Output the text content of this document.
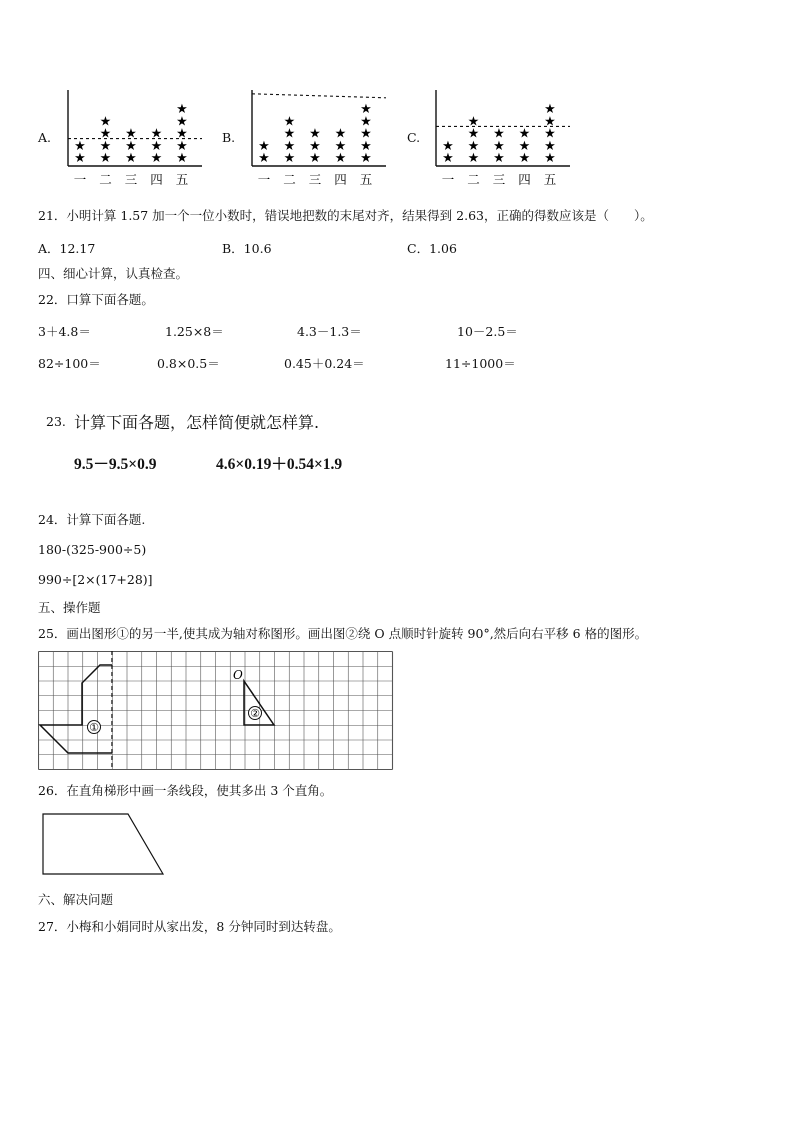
A.
★
★
一
★
★
★
★
二
★
★
★
三
★
★
★
四
★
★
★
★
★
五
B.
★
★
一
★
★
★
★
二
★
★
★
三
★
★
★
四
★
★
★
★
★
五
C.
★
★
一
★
★
★
★
二
★
★
★
三
★
★
★
四
★
★
★
★
★
五
21．小明计算 1.57 加一个一位小数时，错误地把数的末尾对齐，结果得到 2.63，正确的得数应该是（　　）。
A．12.17	B．10.6	C．1.06
四、细心计算，认真检查。
22．口算下面各题。
3＋4.8＝	1.25×8＝	4.3－1.3＝	10－2.5＝
82÷100＝	0.8×0.5＝	0.45＋0.24＝	11÷1000＝
23. 计算下面各题，怎样简便就怎样算.
9.5－9.5×0.9	4.6×0.19＋0.54×1.9
24．计算下面各题.
180-(325-900÷5)
990÷[2×(17+28)]
五、操作题
25．画出图形①的另一半,使其成为轴对称图形。画出图②绕 O 点顺时针旋转 90°,然后向右平移 6 格的图形。
①
O
②
26．在直角梯形中画一条线段，使其多出 3 个直角。
六、解决问题
27．小梅和小娟同时从家出发，8 分钟同时到达转盘。
